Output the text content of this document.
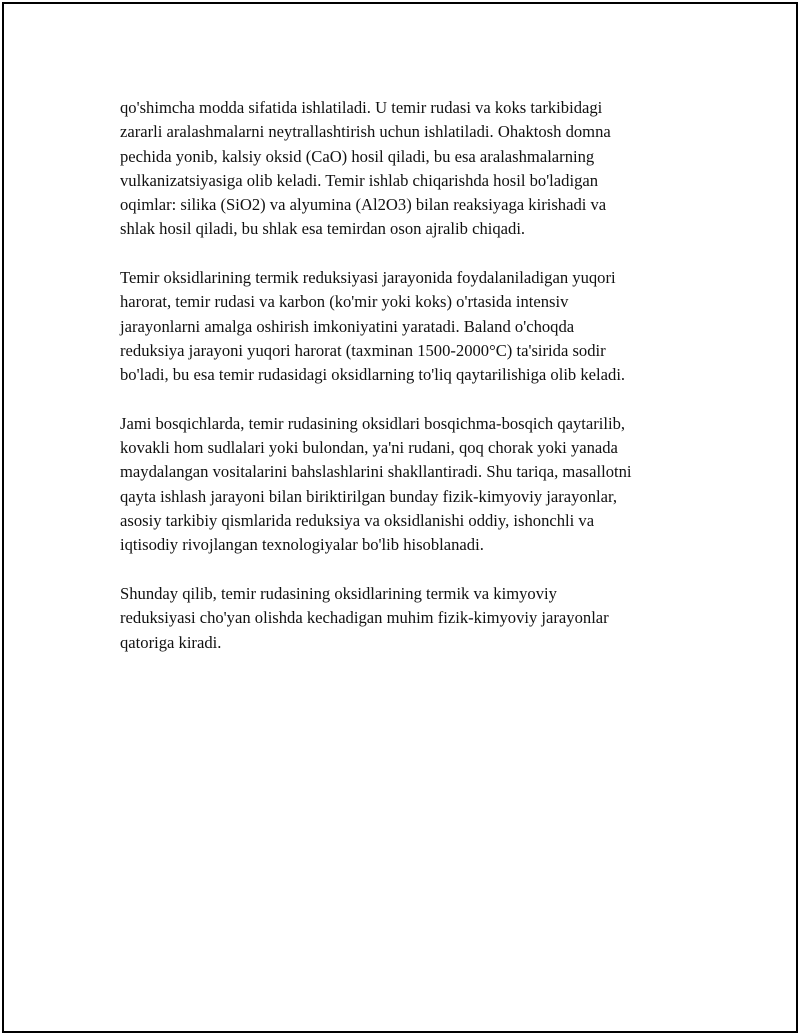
qo'shimcha modda sifatida ishlatiladi. U temir rudasi va koks tarkibidagi
zararli aralashmalarni neytrallashtirish uchun ishlatiladi. Ohaktosh domna
pechida yonib, kalsiy oksid (CaO) hosil qiladi, bu esa aralashmalarning
vulkanizatsiyasiga olib keladi. Temir ishlab chiqarishda hosil bo'ladigan
oqimlar: silika (SiO2) va alyumina (Al2O3) bilan reaksiyaga kirishadi va
shlak hosil qiladi, bu shlak esa temirdan oson ajralib chiqadi.

Temir oksidlarining termik reduksiyasi jarayonida foydalaniladigan yuqori
harorat, temir rudasi va karbon (ko'mir yoki koks) o'rtasida intensiv
jarayonlarni amalga oshirish imkoniyatini yaratadi. Baland o'choqda
reduksiya jarayoni yuqori harorat (taxminan 1500-2000°C) ta'sirida sodir
bo'ladi, bu esa temir rudasidagi oksidlarning to'liq qaytarilishiga olib keladi.

Jami bosqichlarda, temir rudasining oksidlari bosqichma-bosqich qaytarilib,
kovakli hom sudlalari yoki bulondan, ya'ni rudani, qoq chorak yoki yanada
maydalangan vositalarini bahslashlarini shakllantiradi. Shu tariqa, masallotni
qayta ishlash jarayoni bilan biriktirilgan bunday fizik-kimyoviy jarayonlar,
asosiy tarkibiy qismlarida reduksiya va oksidlanishi oddiy, ishonchli va
iqtisodiy rivojlangan texnologiyalar bo'lib hisoblanadi.

Shunday qilib, temir rudasining oksidlarining termik va kimyoviy
reduksiyasi cho'yan olishda kechadigan muhim fizik-kimyoviy jarayonlar
qatoriga kiradi.
